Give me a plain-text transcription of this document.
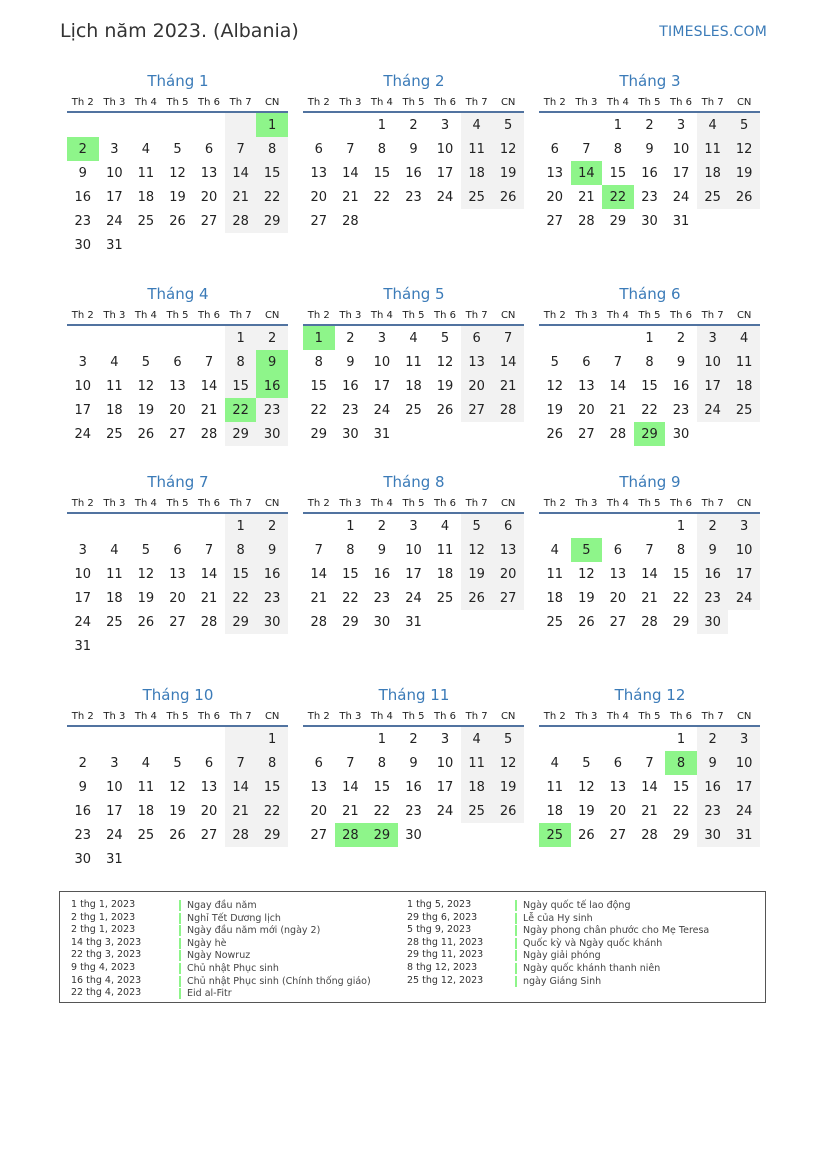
Lịch năm 2023. (Albania)	TIMESLES.COM
Tháng 1
Th 2	Th 3	Th 4	Th 5	Th 6	Th 7	CN
						1
2	3	4	5	6	7	8
9	10	11	12	13	14	15
16	17	18	19	20	21	22
23	24	25	26	27	28	29
30	31					
Tháng 2
Th 2	Th 3	Th 4	Th 5	Th 6	Th 7	CN
		1	2	3	4	5
6	7	8	9	10	11	12
13	14	15	16	17	18	19
20	21	22	23	24	25	26
27	28					
Tháng 3
Th 2	Th 3	Th 4	Th 5	Th 6	Th 7	CN
		1	2	3	4	5
6	7	8	9	10	11	12
13	14	15	16	17	18	19
20	21	22	23	24	25	26
27	28	29	30	31		
Tháng 4
Th 2	Th 3	Th 4	Th 5	Th 6	Th 7	CN
					1	2
3	4	5	6	7	8	9
10	11	12	13	14	15	16
17	18	19	20	21	22	23
24	25	26	27	28	29	30
Tháng 5
Th 2	Th 3	Th 4	Th 5	Th 6	Th 7	CN
1	2	3	4	5	6	7
8	9	10	11	12	13	14
15	16	17	18	19	20	21
22	23	24	25	26	27	28
29	30	31				
Tháng 6
Th 2	Th 3	Th 4	Th 5	Th 6	Th 7	CN
			1	2	3	4
5	6	7	8	9	10	11
12	13	14	15	16	17	18
19	20	21	22	23	24	25
26	27	28	29	30		
Tháng 7
Th 2	Th 3	Th 4	Th 5	Th 6	Th 7	CN
					1	2
3	4	5	6	7	8	9
10	11	12	13	14	15	16
17	18	19	20	21	22	23
24	25	26	27	28	29	30
31						
Tháng 8
Th 2	Th 3	Th 4	Th 5	Th 6	Th 7	CN
	1	2	3	4	5	6
7	8	9	10	11	12	13
14	15	16	17	18	19	20
21	22	23	24	25	26	27
28	29	30	31			
Tháng 9
Th 2	Th 3	Th 4	Th 5	Th 6	Th 7	CN
				1	2	3
4	5	6	7	8	9	10
11	12	13	14	15	16	17
18	19	20	21	22	23	24
25	26	27	28	29	30	
Tháng 10
Th 2	Th 3	Th 4	Th 5	Th 6	Th 7	CN
						1
2	3	4	5	6	7	8
9	10	11	12	13	14	15
16	17	18	19	20	21	22
23	24	25	26	27	28	29
30	31					
Tháng 11
Th 2	Th 3	Th 4	Th 5	Th 6	Th 7	CN
		1	2	3	4	5
6	7	8	9	10	11	12
13	14	15	16	17	18	19
20	21	22	23	24	25	26
27	28	29	30			
Tháng 12
Th 2	Th 3	Th 4	Th 5	Th 6	Th 7	CN
				1	2	3
4	5	6	7	8	9	10
11	12	13	14	15	16	17
18	19	20	21	22	23	24
25	26	27	28	29	30	31
1 thg 1, 2023	Ngay đầu năm
2 thg 1, 2023	Nghỉ Tết Dương lịch
2 thg 1, 2023	Ngày đầu năm mới (ngày 2)
14 thg 3, 2023	Ngày hè
22 thg 3, 2023	Ngày Nowruz
9 thg 4, 2023	Chủ nhật Phục sinh
16 thg 4, 2023	Chủ nhật Phục sinh (Chính thống giáo)
22 thg 4, 2023	Eid al-Fitr
1 thg 5, 2023	Ngày quốc tế lao động
29 thg 6, 2023	Lễ của Hy sinh
5 thg 9, 2023	Ngày phong chân phước cho Mẹ Teresa
28 thg 11, 2023	Quốc kỳ và Ngày quốc khánh
29 thg 11, 2023	Ngày giải phóng
8 thg 12, 2023	Ngày quốc khánh thanh niên
25 thg 12, 2023	ngày Giáng Sinh
